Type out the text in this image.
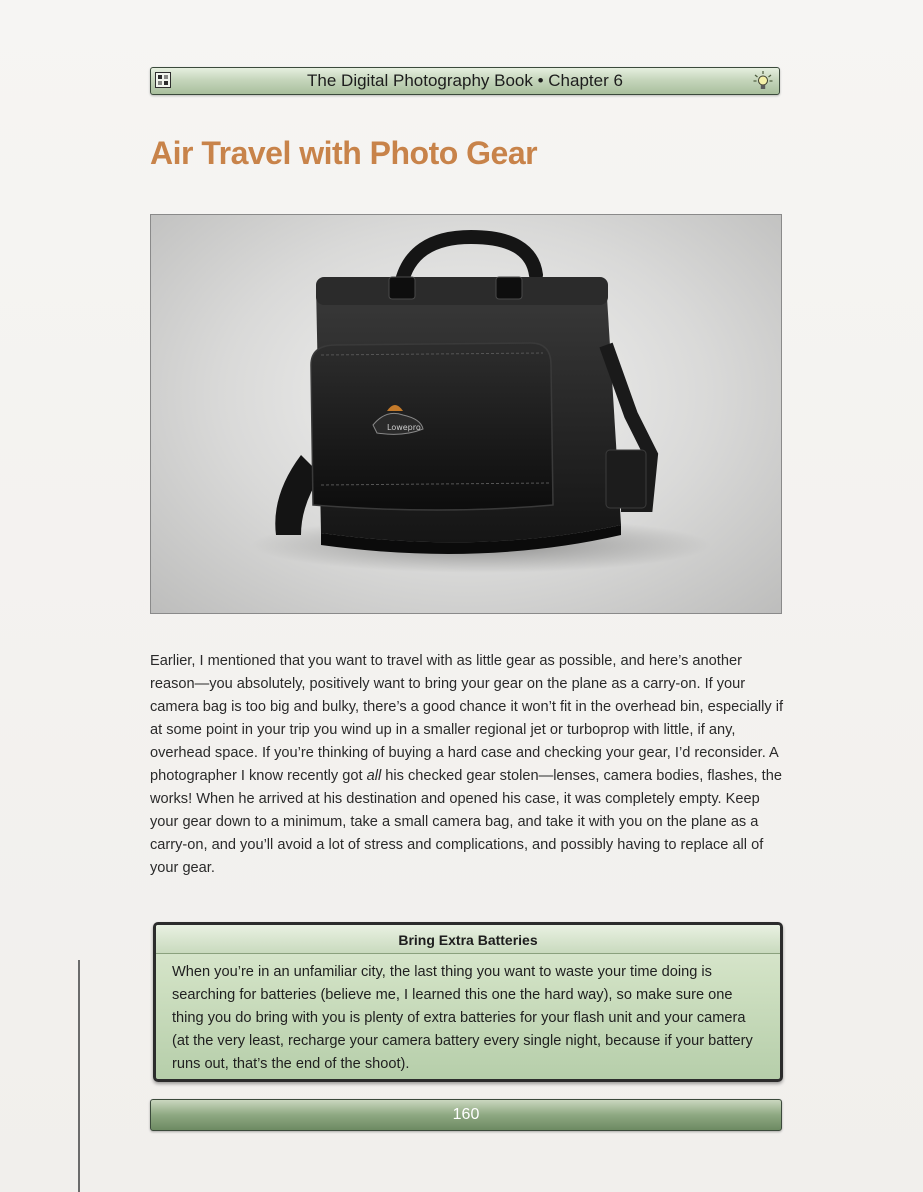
The Digital Photography Book • Chapter 6
Air Travel with Photo Gear
Lowepro

Earlier, I mentioned that you want to travel with as little gear as possible, and here’s another reason—you absolutely, positively want to bring your gear on the plane as a carry-on. If your camera bag is too big and bulky, there’s a good chance it won’t fit in the overhead bin, especially if at some point in your trip you wind up in a smaller regional jet or turboprop with little, if any, overhead space. If you’re thinking of buying a hard case and checking your gear, I’d reconsider. A photographer I know recently got all his checked gear stolen—lenses, camera bodies, flashes, the works! When he arrived at his destination and opened his case, it was completely empty. Keep your gear down to a minimum, take a small camera bag, and take it with you on the plane as a carry-on, and you’ll avoid a lot of stress and complications, and possibly having to replace all of your gear.

Bring Extra Batteries

When you’re in an unfamiliar city, the last thing you want to waste your time doing is searching for batteries (believe me, I learned this one the hard way), so make sure one thing you do bring with you is plenty of extra batteries for your flash unit and your camera (at the very least, recharge your camera battery every single night, because if your battery runs out, that’s the end of the shoot).

160
